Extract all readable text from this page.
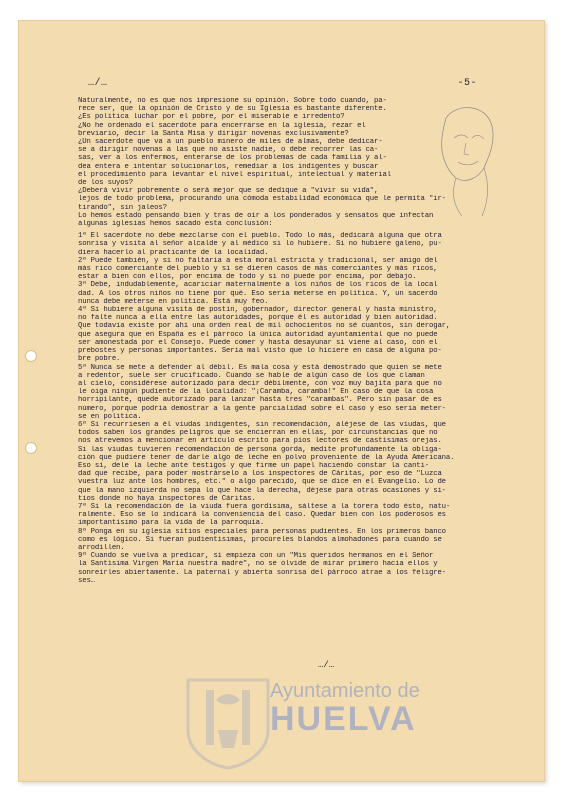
…/…	-5-
Naturalmente, no es que nos impresione su opinión. Sobre todo cuando, pa-
rece ser, que la opinión de Cristo y de su Iglesia es bastante diferente.
¿Es política luchar por el pobre, por el miserable e irredento?
¿No he ordenado el sacerdote para encerrarse en la iglesia, rezar el
breviario, decir la Santa Misa y dirigir novenas exclusivamente?
¿Un sacerdote que va a un pueblo minero de miles de almas, debe dedicar-
se a dirigir novenas a las que no asiste nadie, o debe recorrer las ca-
sas, ver a los enfermos, enterarse de los problemas de cada familia y al-
dea entera e intentar solucionarlos, remediar a los indigentes y buscar
el procedimiento para levantar el nivel espiritual, intelectual y material
de los suyos?
¿Deberá vivir pobremente o será mejor que se dedique a "vivir su vida",
lejos de todo problema, procurando una cómoda estabilidad económica que le permita "ir-
tirando", sin jaleos?
Lo hemos estado pensando bien y tras de oír a los ponderados y sensatos que infectan
algunas iglesias hemos sacado esta conclusión:
1ª El sacerdote no debe mezclarse con el pueblo. Todo lo más, dedicará alguna que otra
sonrisa y visita al señor alcalde y al médico si lo hubiere. Si no hubiere galeno, pu-
diera hacerlo al practicante de la localidad.
2ª Puede también, y si no faltaría a esta moral estricta y tradicional, ser amigo del
más rico comerciante del pueblo y si se dieren casos de más comerciantes y más ricos,
estar a bien con ellos, por encima de todo y si no puede por encima, por debajo.
3ª Debe, indudablemente, acariciar maternalmente a los niños de los ricos de la local
dad. A los otros niños no tiene por qué. Eso sería meterse en política. Y, un sacerdo
nunca debe meterse en política. Está muy feo.
4ª Si hubiere alguna visita de postín, gobernador, director general y hasta ministro,
no falte nunca a ella entre las autoridades, porque él es autoridad y bien autoridad.
Que todavía existe por ahí una orden real de mil ochocientos no sé cuantos, sin derogar,
que asegura que en España es el párroco la única autoridad ayuntamiental que no puede
ser amonestada por el Consejo. Puede comer y hasta desayunar si viene al caso, con el
prebostes y personas importantes. Sería mal visto que lo hiciere en casa de alguna po-
bre pobre.
5ª Nunca se mete a defender al débil. Es mala cosa y está demostrado que quien se mete
a redentor, suele ser crucificado. Cuando se hable de algún caso de los que claman
al cielo, considérese autorizado para decir débilmente, con voz muy bajita para que no
le oiga ningún pudiente de la localidad: "¡Caramba, caramba!" En caso de que la cosa
horripilante, quede autorizado para lanzar hasta tres "carambas". Pero sin pasar de es
número, porque podría demostrar a la gente parcialidad sobre el caso y eso sería meter-
se en política.
6ª Si recurriesen a él viudas indigentes, sin recomendación, aléjese de las viudas, que
todos saben los grandes peligros que se encierran en ellas, por circunstancias que no
nos atrevemos a mencionar en artículo escrito para píos lectores de castísimas orejas.
Si las viudas tuvieren recomendación de persona gorda, medite profundamente la obliga-
ción que pudiere tener de darle algo de leche en polvo proveniente de la Ayuda Americana.
Eso sí, dele la leche ante testigos y que firme un papel haciendo constar la canti-
dad que recibe, para poder mostrárselo a los inspectores de Cáritas, por eso de "Luzca
vuestra luz ante los hombres, etc." o algo parecido, que se dice en el Evangelio. Lo de
que la mano izquierda no sepa lo que hace la derecha, déjese para otras ocasiones y si-
tios donde no haya inspectores de Cáritas.
7ª Si la recomendación de la viuda fuera gordísima, sáltese a la torera todo ésto, natu-
ralmente. Eso se lo indicará la conveniencia del caso. Quedar bien con los poderosos es
importantísimo para la vida de la parroquia.
8ª Ponga en su iglesia sitios especiales para personas pudientes. En los primeros banco
como es lógico. Si fueran pudientísimas, procúreles blandos almohadones para cuando se
arrodillen.
9ª Cuando se vuelva a predicar, si empieza con un "Mis queridos hermanos en el Señor
la Santísima Virgen María nuestra madre", no se olvide de mirar primero hacia ellos y
sonreírles abiertamente. La paternal y abierta sonrisa del párroco atrae a los feligre-
ses…
…/…
Ayuntamiento de
HUELVA
